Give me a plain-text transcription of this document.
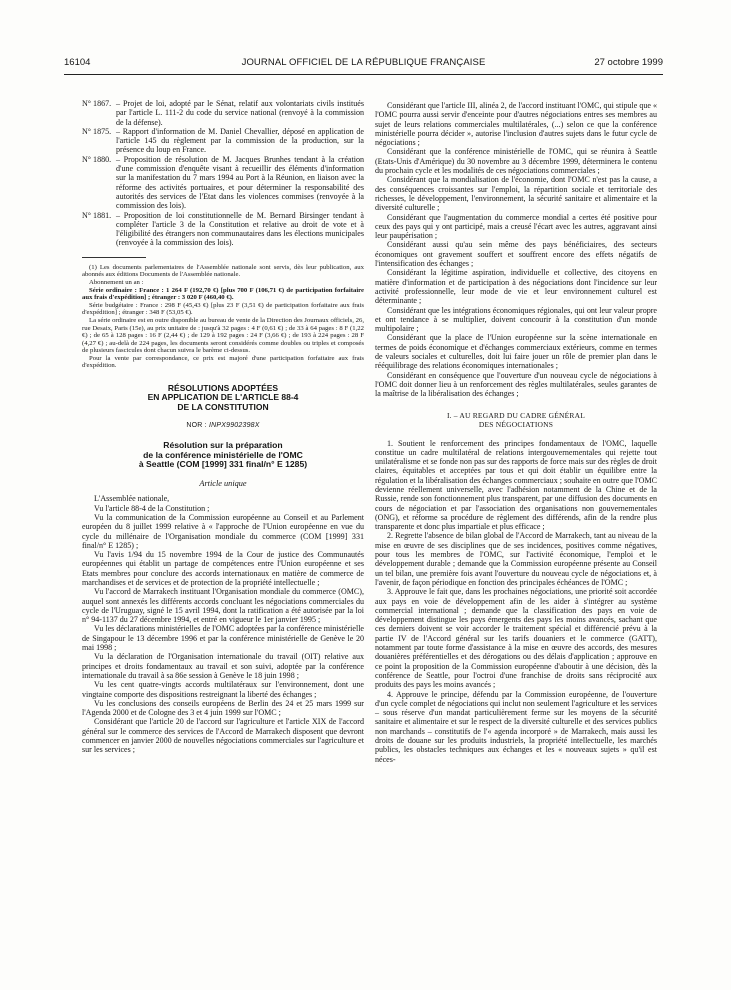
16104	JOURNAL OFFICIEL DE LA RÉPUBLIQUE FRANÇAISE	27 octobre 1999
N° 1867. – Projet de loi, adopté par le Sénat, relatif aux volontariats civils institués par l'article L. 111-2 du code du service national (renvoyé à la commission de la défense).
N° 1875. – Rapport d'information de M. Daniel Chevallier, déposé en application de l'article 145 du règlement par la commission de la production, sur la présence du loup en France.
N° 1880. – Proposition de résolution de M. Jacques Brunhes tendant à la création d'une commission d'enquête visant à recueillir des éléments d'information sur la manifestation du 7 mars 1994 au Port à la Réunion, en liaison avec la réforme des activités portuaires, et pour déterminer la responsabilité des autorités des services de l'Etat dans les violences commises (renvoyée à la commission des lois).
N° 1881. – Proposition de loi constitutionnelle de M. Bernard Birsinger tendant à compléter l'article 3 de la Constitution et relative au droit de vote et à l'éligibilité des étrangers non communautaires dans les élections municipales (renvoyée à la commission des lois).

(1) Les documents parlementaires de l'Assemblée nationale sont servis, dès leur publication, aux abonnés aux éditions Documents de l'Assemblée nationale.

Abonnement un an :

Série ordinaire : France : 1 264 F (192,70 €) [plus 700 F (106,71 €) de participation forfaitaire aux frais d'expédition] ; étranger : 3 020 F (460,40 €).

Série budgétaire : France : 298 F (45,43 €) [plus 23 F (3,51 €) de participation forfaitaire aux frais d'expédition] ; étranger : 348 F (53,05 €).

La série ordinaire est en outre disponible au bureau de vente de la Direction des Journaux officiels, 26, rue Desaix, Paris (15e), au prix unitaire de : jusqu'à 32 pages : 4 F (0,61 €) ; de 33 à 64 pages : 8 F (1,22 €) ; de 65 à 128 pages : 16 F (2,44 €) ; de 129 à 192 pages : 24 F (3,66 €) ; de 193 à 224 pages : 28 F (4,27 €) ; au-delà de 224 pages, les documents seront considérés comme doubles ou triples et composés de plusieurs fascicules dont chacun suivra le barème ci-dessus.

Pour la vente par correspondance, ce prix est majoré d'une participation forfaitaire aux frais d'expédition.

RÉSOLUTIONS ADOPTÉES
EN APPLICATION DE L'ARTICLE 88-4
DE LA CONSTITUTION
NOR : INPX9902398X
Résolution sur la préparation
de la conférence ministérielle de l'OMC
à Seattle (COM [1999] 331 final/n° E 1285)
Article unique

L'Assemblée nationale,

Vu l'article 88-4 de la Constitution ;

Vu la communication de la Commission européenne au Conseil et au Parlement européen du 8 juillet 1999 relative à « l'approche de l'Union européenne en vue du cycle du millénaire de l'Organisation mondiale du commerce (COM [1999] 331 final/n° E 1285) ;

Vu l'avis 1/94 du 15 novembre 1994 de la Cour de justice des Communautés européennes qui établit un partage de compétences entre l'Union européenne et ses Etats membres pour conclure des accords internationaux en matière de commerce de marchandises et de services et de protection de la propriété intellectuelle ;

Vu l'accord de Marrakech instituant l'Organisation mondiale du commerce (OMC), auquel sont annexés les différents accords concluant les négociations commerciales du cycle de l'Uruguay, signé le 15 avril 1994, dont la ratification a été autorisée par la loi n° 94-1137 du 27 décembre 1994, et entré en vigueur le 1er janvier 1995 ;

Vu les déclarations ministérielles de l'OMC adoptées par la conférence ministérielle de Singapour le 13 décembre 1996 et par la conférence ministérielle de Genève le 20 mai 1998 ;

Vu la déclaration de l'Organisation internationale du travail (OIT) relative aux principes et droits fondamentaux au travail et son suivi, adoptée par la conférence internationale du travail à sa 86e session à Genève le 18 juin 1998 ;

Vu les cent quatre-vingts accords multilatéraux sur l'environnement, dont une vingtaine comporte des dispositions restreignant la liberté des échanges ;

Vu les conclusions des conseils européens de Berlin des 24 et 25 mars 1999 sur l'Agenda 2000 et de Cologne des 3 et 4 juin 1999 sur l'OMC ;

Considérant que l'article 20 de l'accord sur l'agriculture et l'article XIX de l'accord général sur le commerce des services de l'Accord de Marrakech disposent que devront commencer en janvier 2000 de nouvelles négociations commerciales sur l'agriculture et sur les services ;

Considérant que l'article III, alinéa 2, de l'accord instituant l'OMC, qui stipule que « l'OMC pourra aussi servir d'enceinte pour d'autres négociations entres ses membres au sujet de leurs relations commerciales multilatérales, (...) selon ce que la conférence ministérielle pourra décider », autorise l'inclusion d'autres sujets dans le futur cycle de négociations ;

Considérant que la conférence ministérielle de l'OMC, qui se réunira à Seattle (Etats-Unis d'Amérique) du 30 novembre au 3 décembre 1999, déterminera le contenu du prochain cycle et les modalités de ces négociations commerciales ;

Considérant que la mondialisation de l'économie, dont l'OMC n'est pas la cause, a des conséquences croissantes sur l'emploi, la répartition sociale et territoriale des richesses, le développement, l'environnement, la sécurité sanitaire et alimentaire et la diversité culturelle ;

Considérant que l'augmentation du commerce mondial a certes été positive pour ceux des pays qui y ont participé, mais a creusé l'écart avec les autres, aggravant ainsi leur paupérisation ;

Considérant aussi qu'au sein même des pays bénéficiaires, des secteurs économiques ont gravement souffert et souffrent encore des effets négatifs de l'intensification des échanges ;

Considérant la légitime aspiration, individuelle et collective, des citoyens en matière d'information et de participation à des négociations dont l'incidence sur leur activité professionnelle, leur mode de vie et leur environnement culturel est déterminante ;

Considérant que les intégrations économiques régionales, qui ont leur valeur propre et ont tendance à se multiplier, doivent concourir à la constitution d'un monde multipolaire ;

Considérant que la place de l'Union européenne sur la scène internationale en termes de poids économique et d'échanges commerciaux extérieurs, comme en termes de valeurs sociales et culturelles, doit lui faire jouer un rôle de premier plan dans le rééquilibrage des relations économiques internationales ;

Considérant en conséquence que l'ouverture d'un nouveau cycle de négociations à l'OMC doit donner lieu à un renforcement des règles multilatérales, seules garantes de la maîtrise de la libéralisation des échanges ;

I. – AU REGARD DU CADRE GÉNÉRAL
DES NÉGOCIATIONS

1. Soutient le renforcement des principes fondamentaux de l'OMC, laquelle constitue un cadre multilatéral de relations intergouvernementales qui rejette tout unilatéralisme et se fonde non pas sur des rapports de force mais sur des règles de droit claires, équitables et acceptées par tous et qui doit établir un équilibre entre la régulation et la libéralisation des échanges commerciaux ; souhaite en outre que l'OMC devienne réellement universelle, avec l'adhésion notamment de la Chine et de la Russie, rende son fonctionnement plus transparent, par une diffusion des documents en cours de négociation et par l'association des organisations non gouvernementales (ONG), et réforme sa procédure de règlement des différends, afin de la rendre plus transparente et donc plus impartiale et plus efficace ;

2. Regrette l'absence de bilan global de l'Accord de Marrakech, tant au niveau de la mise en œuvre de ses disciplines que de ses incidences, positives comme négatives, pour tous les membres de l'OMC, sur l'activité économique, l'emploi et le développement durable ; demande que la Commission européenne présente au Conseil un tel bilan, une première fois avant l'ouverture du nouveau cycle de négociations et, à l'avenir, de façon périodique en fonction des principales échéances de l'OMC ;

3. Approuve le fait que, dans les prochaines négociations, une priorité soit accordée aux pays en voie de développement afin de les aider à s'intégrer au système commercial international ; demande que la classification des pays en voie de développement distingue les pays émergents des pays les moins avancés, sachant que ces derniers doivent se voir accorder le traitement spécial et différencié prévu à la partie IV de l'Accord général sur les tarifs douaniers et le commerce (GATT), notamment par toute forme d'assistance à la mise en œuvre des accords, des mesures douanières préférentielles et des dérogations ou des délais d'application ; approuve en ce point la proposition de la Commission européenne d'aboutir à une décision, dès la conférence de Seattle, pour l'octroi d'une franchise de droits sans réciprocité aux produits des pays les moins avancés ;

4. Approuve le principe, défendu par la Commission européenne, de l'ouverture d'un cycle complet de négociations qui inclut non seulement l'agriculture et les services – sous réserve d'un mandat particulièrement ferme sur les moyens de la sécurité sanitaire et alimentaire et sur le respect de la diversité culturelle et des services publics non marchands – constitutifs de l'« agenda incorporé » de Marrakech, mais aussi les droits de douane sur les produits industriels, la propriété intellectuelle, les marchés publics, les obstacles techniques aux échanges et les « nouveaux sujets » qu'il est néces-
